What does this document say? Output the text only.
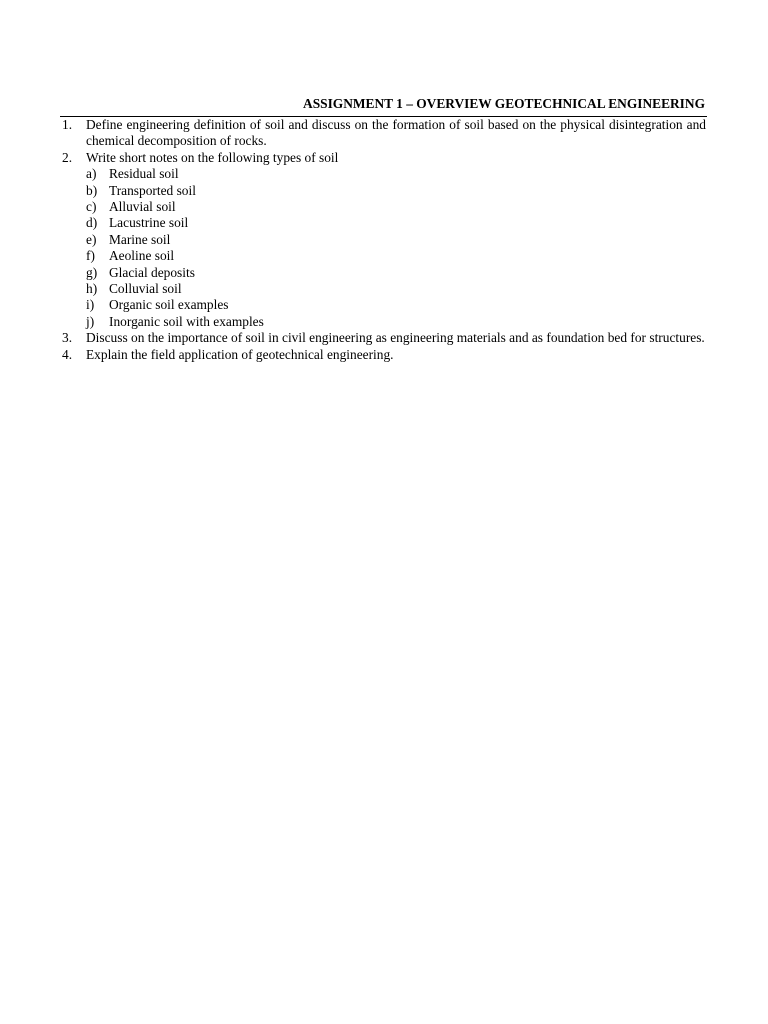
ASSIGNMENT 1 – OVERVIEW GEOTECHNICAL ENGINEERING
1. Define engineering definition of soil and discuss on the formation of soil based on the physical disintegration and chemical decomposition of rocks.
2. Write short notes on the following types of soil
a) Residual soil
b) Transported soil
c) Alluvial soil
d) Lacustrine soil
e) Marine soil
f) Aeoline soil
g) Glacial deposits
h) Colluvial soil
i) Organic soil examples
j) Inorganic soil with examples
3. Discuss on the importance of soil in civil engineering as engineering materials and as foundation bed for structures.
4. Explain the field application of geotechnical engineering.
